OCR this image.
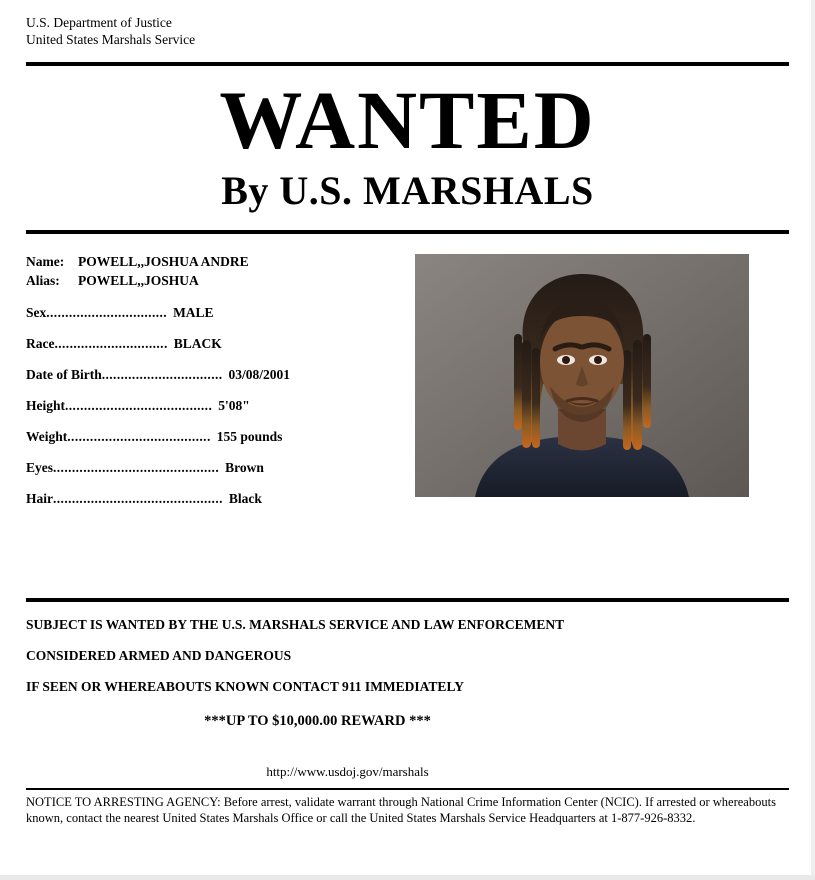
U.S. Department of Justice
United States Marshals Service
WANTED
By U.S. MARSHALS
Name:	POWELL,,JOSHUA ANDRE
Alias:	POWELL,,JOSHUA
Sex ................................ MALE
Race .............................. BLACK
Date of Birth ................................ 03/08/2001
Height ....................................... 5'08"
Weight ...................................... 155 pounds
Eyes ............................................ Brown
Hair ............................................. Black
SUBJECT IS WANTED BY THE U.S. MARSHALS SERVICE AND LAW ENFORCEMENT
CONSIDERED ARMED AND DANGEROUS
IF SEEN OR WHEREABOUTS KNOWN CONTACT 911 IMMEDIATELY
***UP TO $10,000.00 REWARD ***
http://www.usdoj.gov/marshals
NOTICE TO ARRESTING AGENCY: Before arrest, validate warrant through National Crime Information Center (NCIC). If arrested or whereabouts known, contact the nearest United States Marshals Office or call the United States Marshals Service Headquarters at 1-877-926-8332.
